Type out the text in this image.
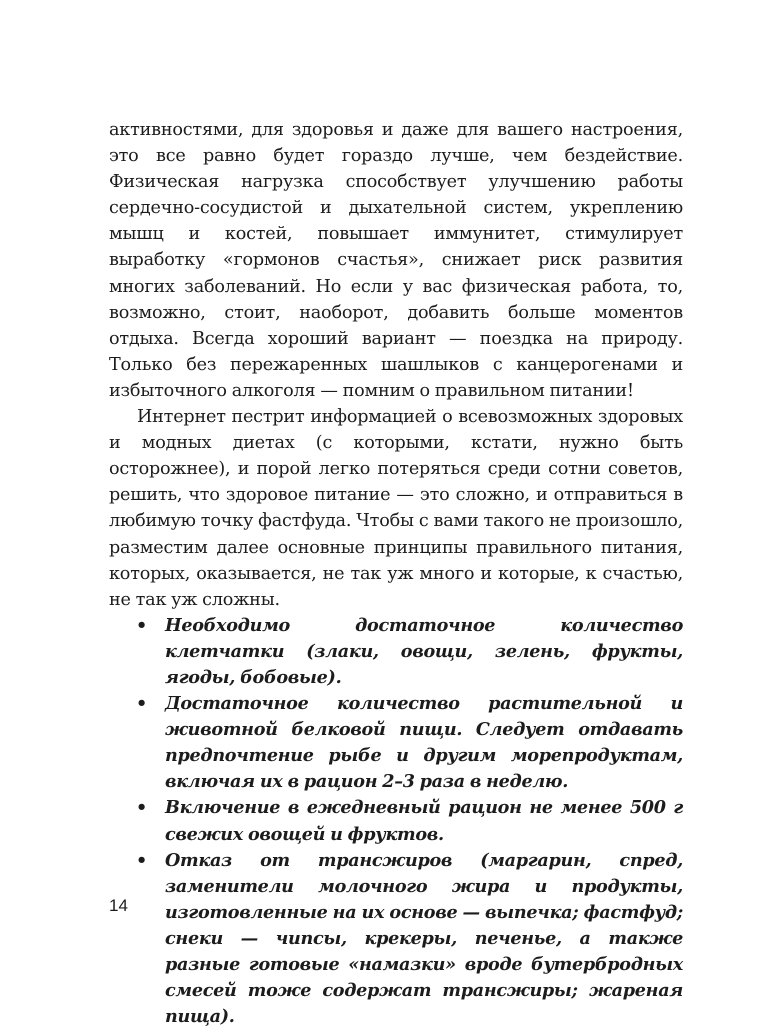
активностями, для здоровья и даже для вашего настроения, это все равно будет гораздо лучше, чем бездействие. Физическая нагрузка способствует улучшению работы сердечно-сосудистой и дыхательной систем, укреплению мышц и костей, повышает иммунитет, стимулирует выработку «гормонов счастья», снижает риск развития многих заболеваний. Но если у вас физическая работа, то, возможно, стоит, наоборот, добавить больше моментов отдыха. Всегда хороший вариант — поездка на природу. Только без пережаренных шашлыков с канцерогенами и избыточного алкоголя — помним о правильном питании!

Интернет пестрит информацией о всевозможных здоровых и модных диетах (с которыми, кстати, нужно быть осторожнее), и порой легко потеряться среди сотни советов, решить, что здоровое питание — это сложно, и отправиться в любимую точку фастфуда. Чтобы с вами такого не произошло, разместим далее основные принципы правильного питания, которых, оказывается, не так уж много и которые, к счастью, не так уж сложны.

• Необходимо достаточное количество клетчатки (злаки, овощи, зелень, фрукты, ягоды, бобовые).
• Достаточное количество растительной и животной белковой пищи. Следует отдавать предпочтение рыбе и другим морепродуктам, включая их в рацион 2–3 раза в неделю.
• Включение в ежедневный рацион не менее 500 г свежих овощей и фруктов.
• Отказ от трансжиров (маргарин, спред, заменители молочного жира и продукты, изготовленные на их основе — выпечка; фастфуд; снеки — чипсы, крекеры, печенье, а также разные готовые «намазки» вроде бутербродных смесей тоже содержат трансжиры; жареная пища).
14
